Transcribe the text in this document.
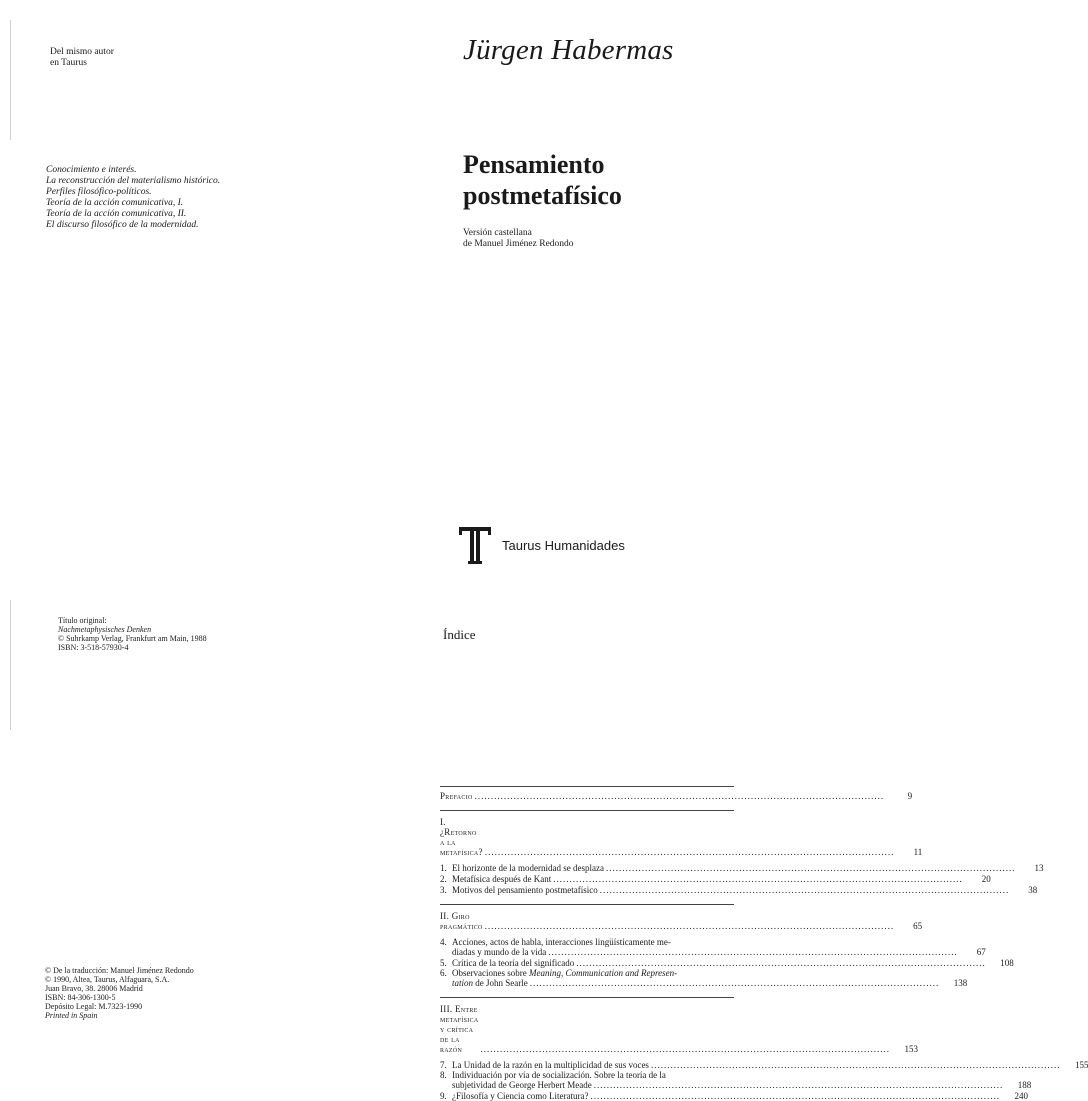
Del mismo autor
en Taurus
Conocimiento e interés.
La reconstrucción del materialismo histórico.
Perfiles filosófico-políticos.
Teoría de la acción comunicativa, I.
Teoría de la acción comunicativa, II.
El discurso filosófico de la modernidad.
Título original:
Nachmetaphysisches Denken
© Suhrkamp Verlag, Frankfurt am Main, 1988
ISBN: 3-518-57930-4
© De la traducción: Manuel Jiménez Redondo
© 1990, Altea, Taurus, Alfaguara, S.A.
Juan Bravo, 38. 28006 Madrid
ISBN: 84-306-1300-5
Depósito Legal: M.7323-1990
Printed in Spain
Jürgen Habermas
Pensamiento
postmetafísico
Versión castellana
de Manuel Jiménez Redondo
Taurus Humanidades
Índice
Prefacio ..............................................................................................................................	9
I. ¿Retorno a la metafísica? ..............................................................................................................................	11
1. El horizonte de la modernidad se desplaza ..............................................................................................................................	13
2. Metafísica después de Kant ..............................................................................................................................	20
3. Motivos del pensamiento postmetafísico ..............................................................................................................................	38
II. Giro pragmático ..............................................................................................................................	65
4. Acciones, actos de habla, interacciones lingüísticamente me-
diadas y mundo de la vida ..............................................................................................................................	67
5. Crítica de la teoría del significado ..............................................................................................................................	108
6. Observaciones sobre Meaning, Communication and Represen-
tation de John Searle ..............................................................................................................................	138
III. Entre metafísica y crítica de la razón	..............................................................................................................................	153
7. La Unidad de la razón en la multiplicidad de sus voces ..............................................................................................................................	155
8. Individuación por vía de socialización. Sobre la teoría de la
subjetividad de George Herbert Meade ..............................................................................................................................	188
9. ¿Filosofía y Ciencia como Literatura? ..............................................................................................................................	240
